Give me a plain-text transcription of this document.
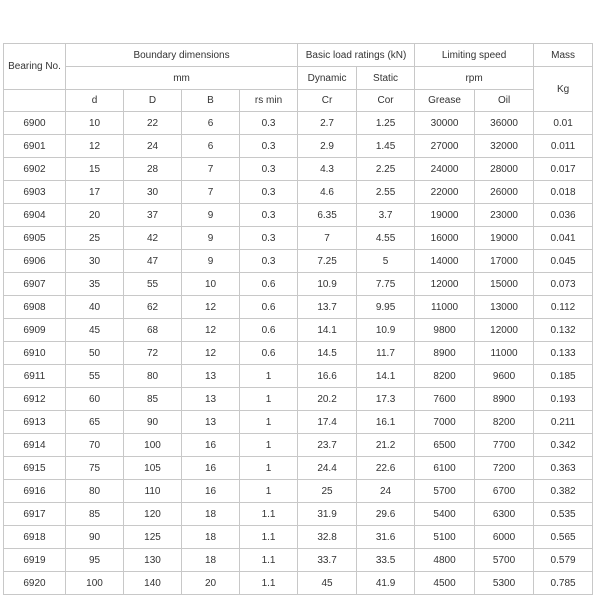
Bearing No.	Boundary dimensions				Basic load ratings (kN)		Limiting speed		Mass
	mm				Dynamic	Static	rpm		Kg
	d	D	B	rs min	Cr	Cor	Grease	Oil	
6900	10	22	6	0.3	2.7	1.25	30000	36000	0.01
6901	12	24	6	0.3	2.9	1.45	27000	32000	0.011
6902	15	28	7	0.3	4.3	2.25	24000	28000	0.017
6903	17	30	7	0.3	4.6	2.55	22000	26000	0.018
6904	20	37	9	0.3	6.35	3.7	19000	23000	0.036
6905	25	42	9	0.3	7	4.55	16000	19000	0.041
6906	30	47	9	0.3	7.25	5	14000	17000	0.045
6907	35	55	10	0.6	10.9	7.75	12000	15000	0.073
6908	40	62	12	0.6	13.7	9.95	11000	13000	0.112
6909	45	68	12	0.6	14.1	10.9	9800	12000	0.132
6910	50	72	12	0.6	14.5	11.7	8900	11000	0.133
6911	55	80	13	1	16.6	14.1	8200	9600	0.185
6912	60	85	13	1	20.2	17.3	7600	8900	0.193
6913	65	90	13	1	17.4	16.1	7000	8200	0.211
6914	70	100	16	1	23.7	21.2	6500	7700	0.342
6915	75	105	16	1	24.4	22.6	6100	7200	0.363
6916	80	110	16	1	25	24	5700	6700	0.382
6917	85	120	18	1.1	31.9	29.6	5400	6300	0.535
6918	90	125	18	1.1	32.8	31.6	5100	6000	0.565
6919	95	130	18	1.1	33.7	33.5	4800	5700	0.579
6920	100	140	20	1.1	45	41.9	4500	5300	0.785
